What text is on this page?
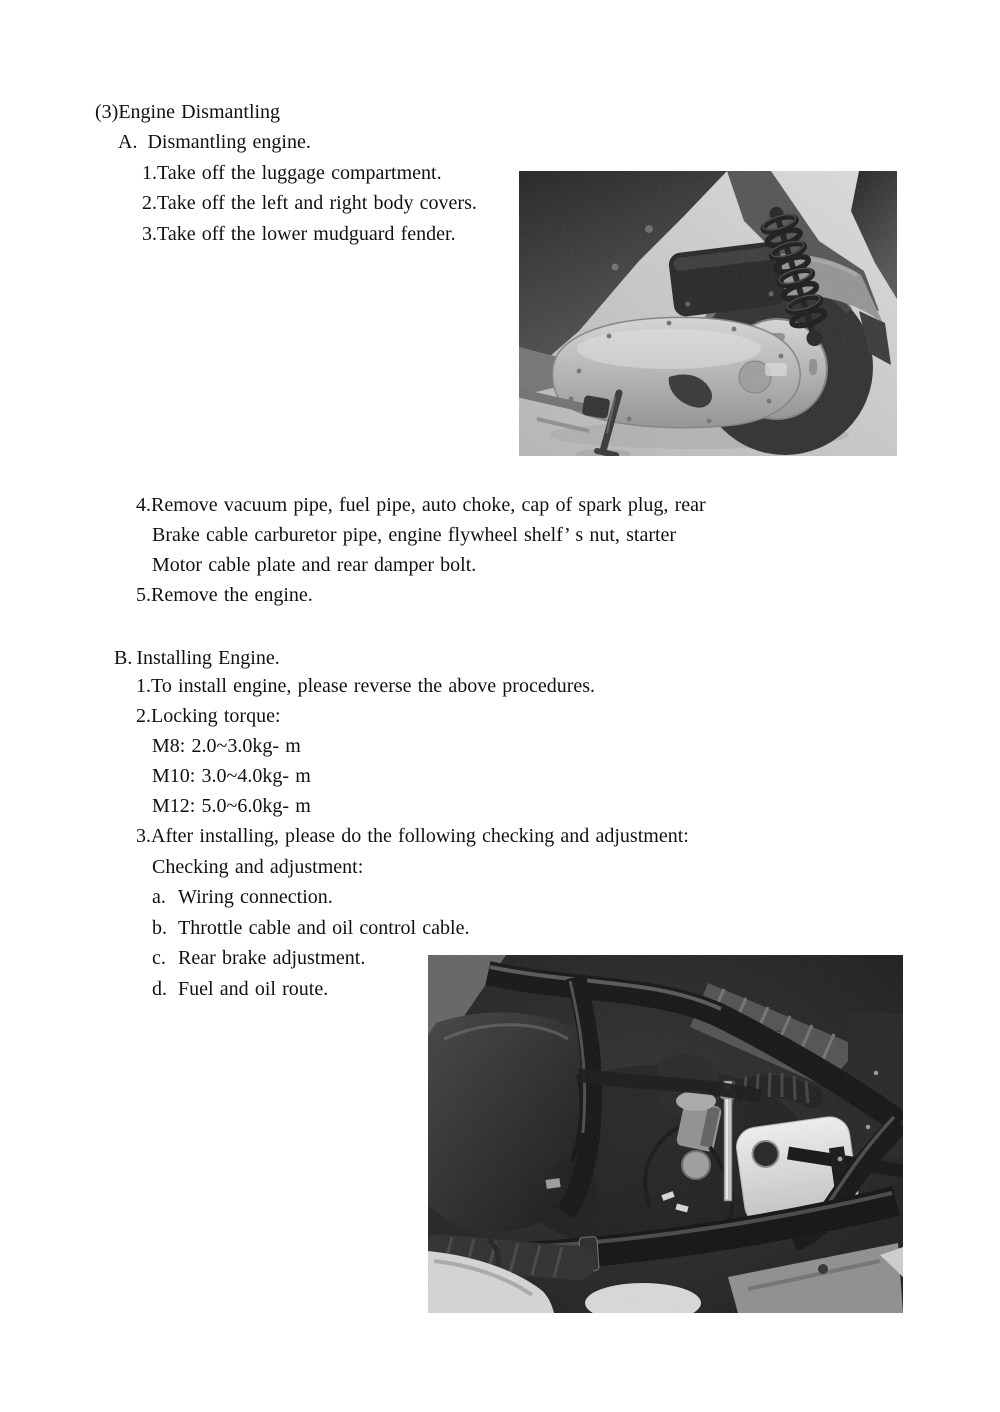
(3)Engine Dismantling
A. Dismantling engine.
1.Take off the luggage compartment.
2.Take off the left and right body covers.
3.Take off the lower mudguard fender.
4.Remove vacuum pipe, fuel pipe, auto choke, cap of spark plug, rear
Brake cable carburetor pipe, engine flywheel shelf’ s nut, starter
Motor cable plate and rear damper bolt.
5.Remove the engine.
B. Installing Engine.
1.To install engine, please reverse the above procedures.
2.Locking torque:
M8: 2.0~3.0kg- m
M10: 3.0~4.0kg- m
M12: 5.0~6.0kg- m
3.After installing, please do the following checking and adjustment:
Checking and adjustment:
a. Wiring connection.
b. Throttle cable and oil control cable.
c. Rear brake adjustment.
d. Fuel and oil route.
